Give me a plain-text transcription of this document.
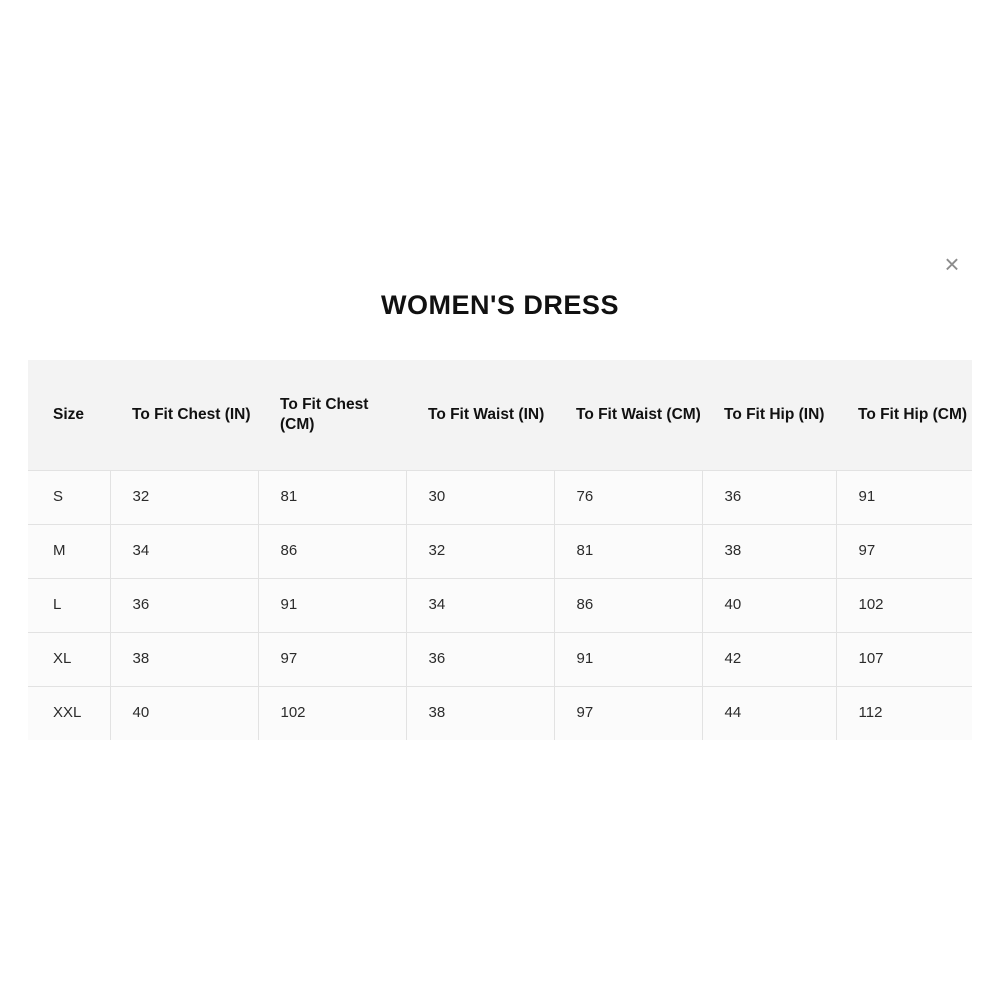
×
WOMEN'S DRESS
Size	To Fit Chest (IN)	To Fit Chest (CM)	To Fit Waist (IN)	To Fit Waist (CM)	To Fit Hip (IN)	To Fit Hip (CM)
S	32	81	30	76	36	91
M	34	86	32	81	38	97
L	36	91	34	86	40	102
XL	38	97	36	91	42	107
XXL	40	102	38	97	44	112
